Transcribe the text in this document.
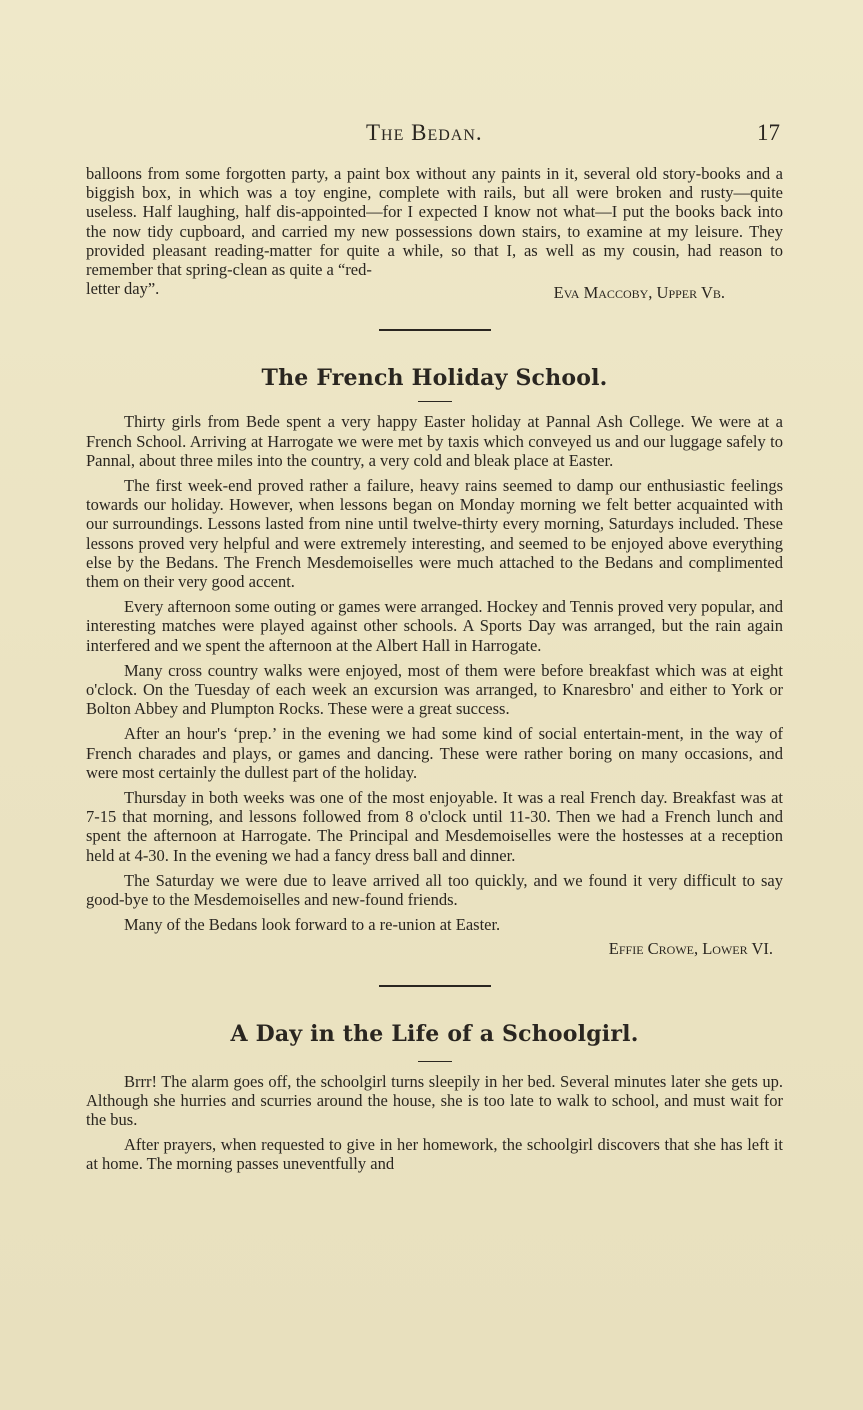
The Bedan.	17

balloons from some forgotten party, a paint box without any paints in it, several old story-books and a biggish box, in which was a toy engine, complete with rails, but all were broken and rusty—quite useless. Half laughing, half dis-appointed—for I expected I know not what—I put the books back into the now tidy cupboard, and carried my new possessions down stairs, to examine at my leisure. They provided pleasant reading-matter for quite a while, so that I, as well as my cousin, had reason to remember that spring-clean as quite a “red-

letter day”.	Eva Maccoby, Upper Vb.
The French Holiday School.

Thirty girls from Bede spent a very happy Easter holiday at Pannal Ash College. We were at a French School. Arriving at Harrogate we were met by taxis which conveyed us and our luggage safely to Pannal, about three miles into the country, a very cold and bleak place at Easter.

The first week-end proved rather a failure, heavy rains seemed to damp our enthusiastic feelings towards our holiday. However, when lessons began on Monday morning we felt better acquainted with our surroundings. Lessons lasted from nine until twelve-thirty every morning, Saturdays included. These lessons proved very helpful and were extremely interesting, and seemed to be enjoyed above everything else by the Bedans. The French Mesdemoiselles were much attached to the Bedans and complimented them on their very good accent.

Every afternoon some outing or games were arranged. Hockey and Tennis proved very popular, and interesting matches were played against other schools. A Sports Day was arranged, but the rain again interfered and we spent the afternoon at the Albert Hall in Harrogate.

Many cross country walks were enjoyed, most of them were before breakfast which was at eight o'clock. On the Tuesday of each week an excursion was arranged, to Knaresbro' and either to York or Bolton Abbey and Plumpton Rocks. These were a great success.

After an hour's ‘prep.’ in the evening we had some kind of social entertain-ment, in the way of French charades and plays, or games and dancing. These were rather boring on many occasions, and were most certainly the dullest part of the holiday.

Thursday in both weeks was one of the most enjoyable. It was a real French day. Breakfast was at 7-15 that morning, and lessons followed from 8 o'clock until 11-30. Then we had a French lunch and spent the afternoon at Harrogate. The Principal and Mesdemoiselles were the hostesses at a reception held at 4-30. In the evening we had a fancy dress ball and dinner.

The Saturday we were due to leave arrived all too quickly, and we found it very difficult to say good-bye to the Mesdemoiselles and new-found friends.

Many of the Bedans look forward to a re-union at Easter.

Effie Crowe, Lower VI.
A Day in the Life of a Schoolgirl.

Brrr! The alarm goes off, the schoolgirl turns sleepily in her bed. Several minutes later she gets up. Although she hurries and scurries around the house, she is too late to walk to school, and must wait for the bus.

After prayers, when requested to give in her homework, the schoolgirl discovers that she has left it at home. The morning passes uneventfully and
